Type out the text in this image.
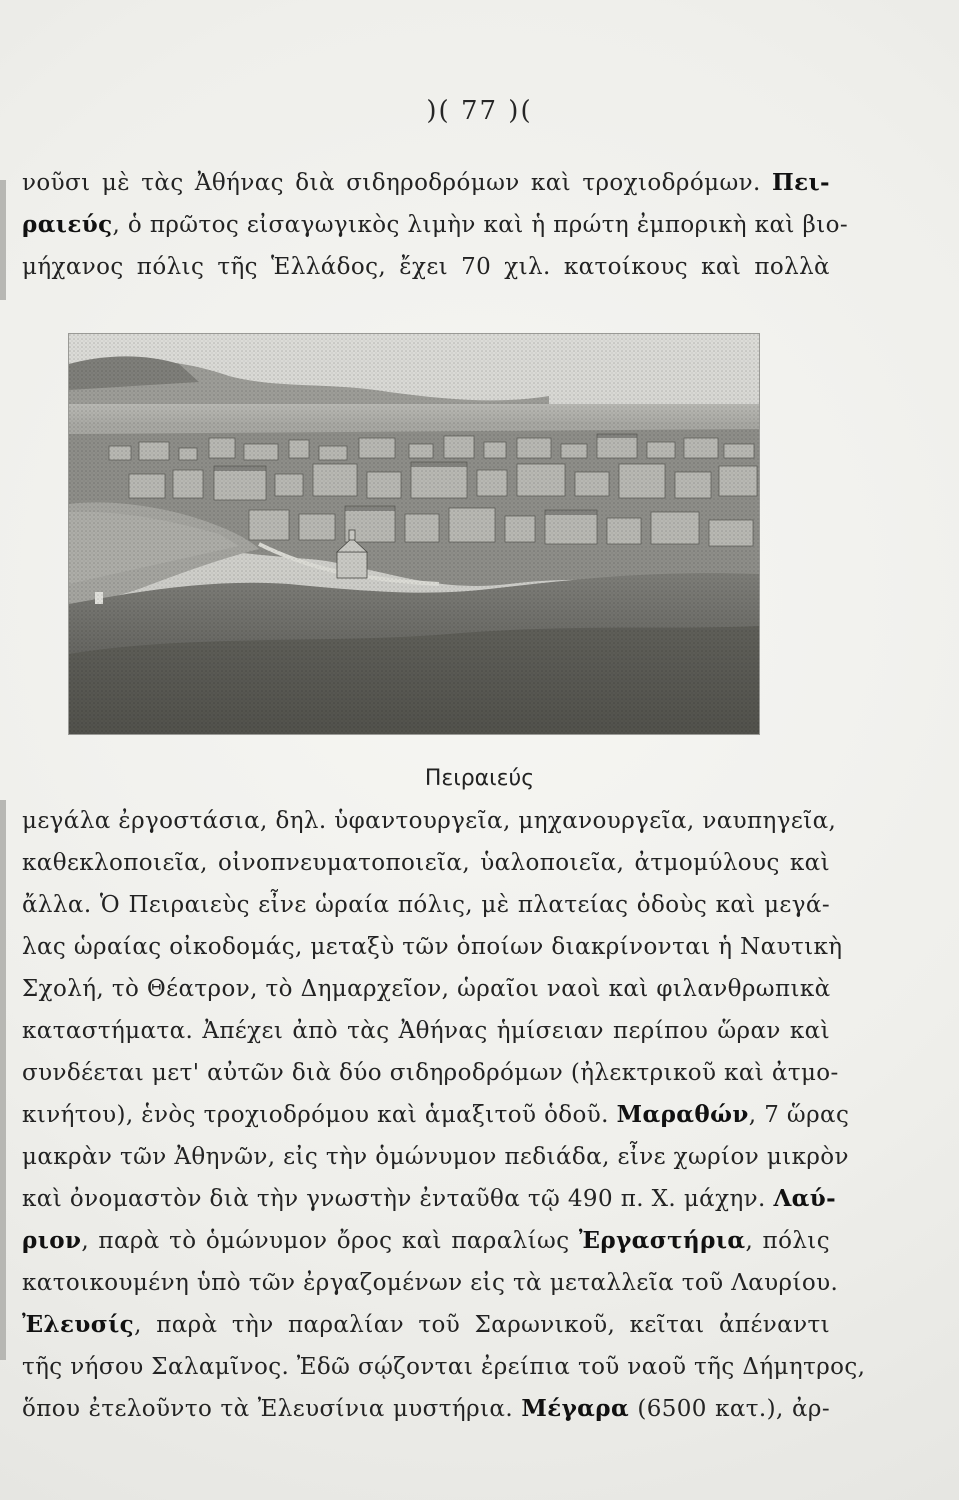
)( 77 )(
νοῦσι μὲ τὰς Ἀθήνας διὰ σιδηροδρόμων καὶ τροχιοδρόμων. Πει-
ραιεύς, ὁ πρῶτος εἰσαγωγικὸς λιμὴν καὶ ἡ πρώτη ἐμπορικὴ καὶ βιο-
μήχανος πόλις τῆς Ἑλλάδος, ἔχει 70 χιλ. κατοίκους καὶ πολλὰ
Πειραιεύς
μεγάλα ἐργοστάσια, δηλ. ὑφαντουργεῖα, μηχανουργεῖα, ναυπηγεῖα,
καθεκλοποιεῖα, οἰνοπνευματοποιεῖα, ὑαλοποιεῖα, ἀτμομύλους καὶ
ἄλλα. Ὁ Πειραιεὺς εἶνε ὡραία πόλις, μὲ πλατείας ὁδοὺς καὶ μεγά-
λας ὡραίας οἰκοδομάς, μεταξὺ τῶν ὁποίων διακρίνονται ἡ Ναυτικὴ
Σχολή, τὸ Θέατρον, τὸ Δημαρχεῖον, ὡραῖοι ναοὶ καὶ φιλανθρωπικὰ
καταστήματα. Ἀπέχει ἀπὸ τὰς Ἀθήνας ἡμίσειαν περίπου ὥραν καὶ
συνδέεται μετ' αὐτῶν διὰ δύο σιδηροδρόμων (ἠλεκτρικοῦ καὶ ἀτμο-
κινήτου), ἑνὸς τροχιοδρόμου καὶ ἁμαξιτοῦ ὁδοῦ. Μαραθών, 7 ὥρας
μακρὰν τῶν Ἀθηνῶν, εἰς τὴν ὁμώνυμον πεδιάδα, εἶνε χωρίον μικρὸν
καὶ ὀνομαστὸν διὰ τὴν γνωστὴν ἐνταῦθα τῷ 490 π. Χ. μάχην. Λαύ-
ριον, παρὰ τὸ ὁμώνυμον ὄρος καὶ παραλίως Ἐργαστήρια, πόλις
κατοικουμένη ὑπὸ τῶν ἐργαζομένων εἰς τὰ μεταλλεῖα τοῦ Λαυρίου.
Ἐλευσίς, παρὰ τὴν παραλίαν τοῦ Σαρωνικοῦ, κεῖται ἀπέναντι
τῆς νήσου Σαλαμῖνος. Ἐδῶ σῴζονται ἐρείπια τοῦ ναοῦ τῆς Δήμητρος,
ὅπου ἐτελοῦντο τὰ Ἐλευσίνια μυστήρια. Μέγαρα (6500 κατ.), ἀρ-
